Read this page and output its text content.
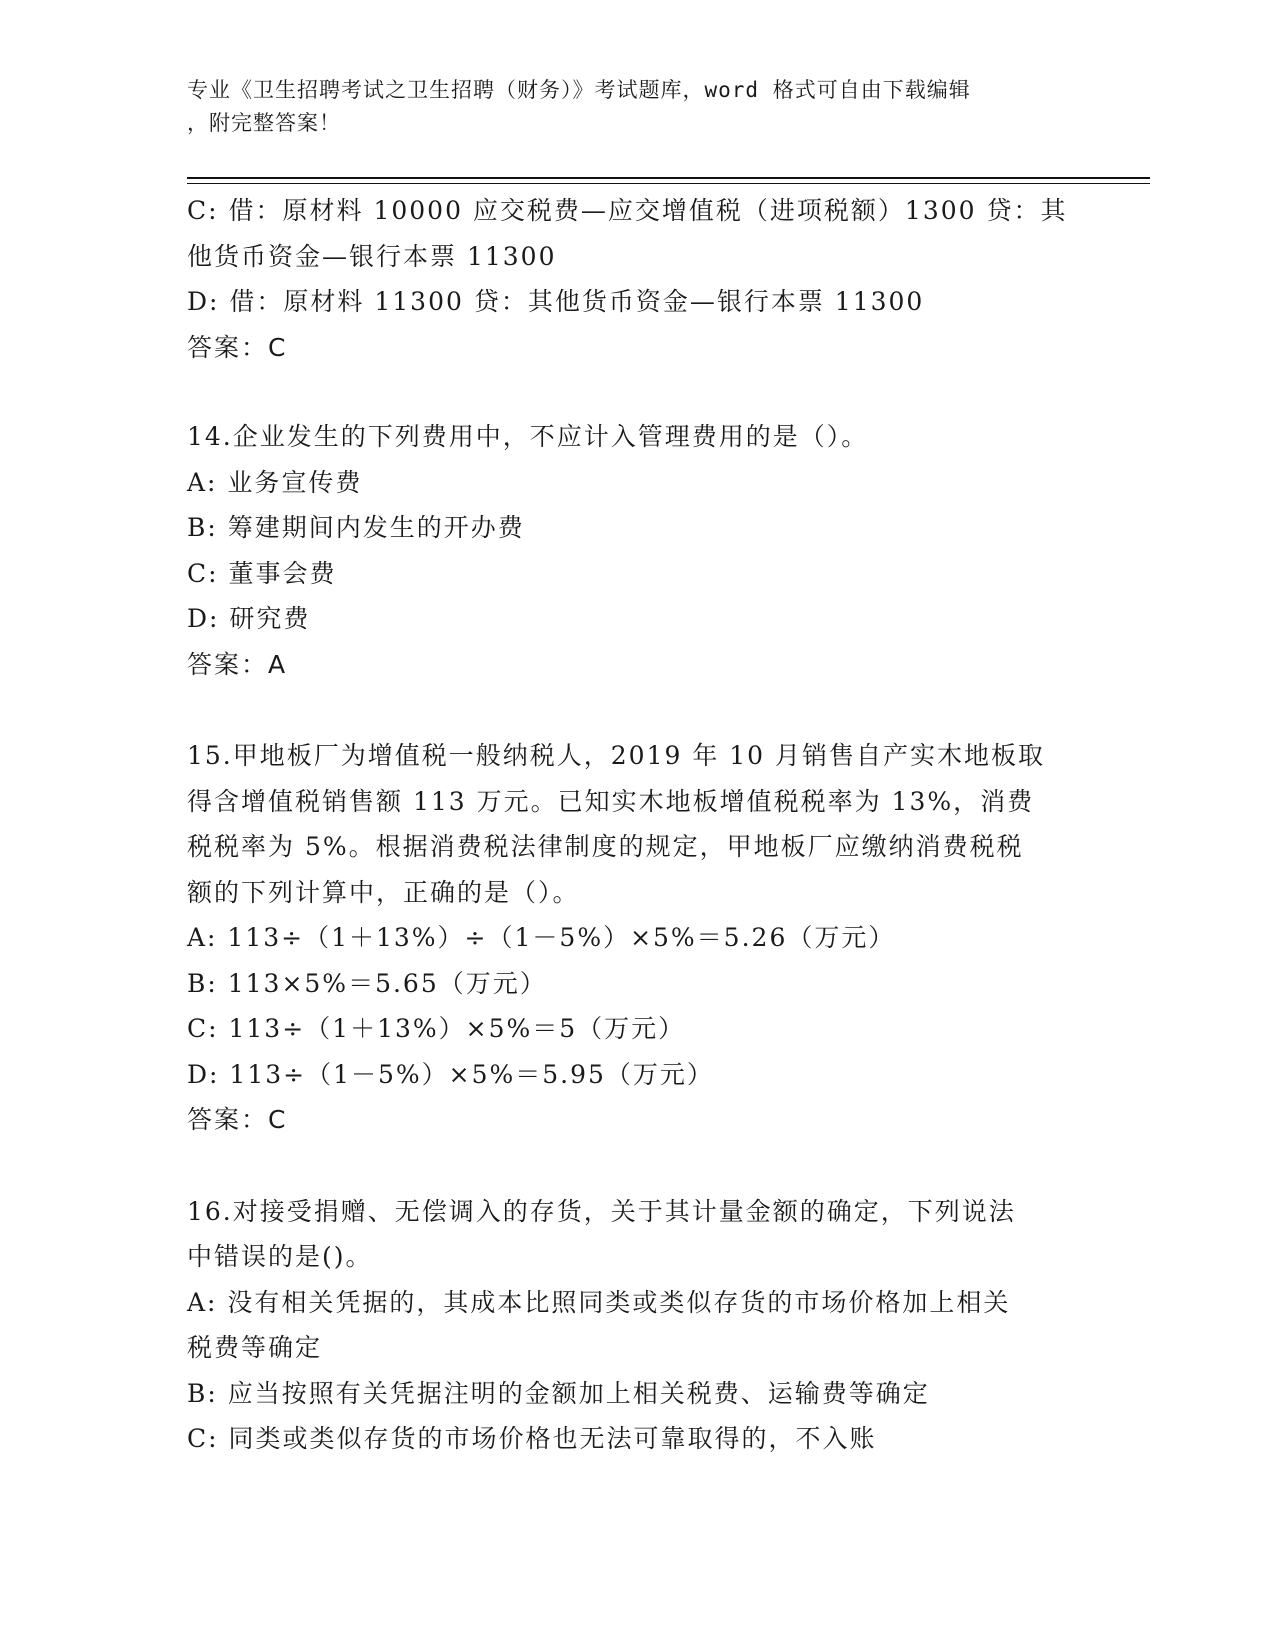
专业《卫生招聘考试之卫生招聘（财务）》考试题库，word 格式可自由下载编辑
，附完整答案！
C: 借：原材料 10000 应交税费—应交增值税（进项税额）1300 贷：其
他货币资金—银行本票 11300
D: 借：原材料 11300 贷：其他货币资金—银行本票 11300
答案：C
14.企业发生的下列费用中，不应计入管理费用的是（）。
A: 业务宣传费
B: 筹建期间内发生的开办费
C: 董事会费
D: 研究费
答案：A
15.甲地板厂为增值税一般纳税人，2019 年 10 月销售自产实木地板取
得含增值税销售额 113 万元。已知实木地板增值税税率为 13%，消费
税税率为 5%。根据消费税法律制度的规定，甲地板厂应缴纳消费税税
额的下列计算中，正确的是（）。
A: 113÷（1＋13%）÷（1－5%）×5%＝5.26（万元）
B: 113×5%＝5.65（万元）
C: 113÷（1＋13%）×5%＝5（万元）
D: 113÷（1－5%）×5%＝5.95（万元）
答案：C
16.对接受捐赠、无偿调入的存货，关于其计量金额的确定，下列说法
中错误的是()。
A: 没有相关凭据的，其成本比照同类或类似存货的市场价格加上相关
税费等确定
B: 应当按照有关凭据注明的金额加上相关税费、运输费等确定
C: 同类或类似存货的市场价格也无法可靠取得的，不入账
